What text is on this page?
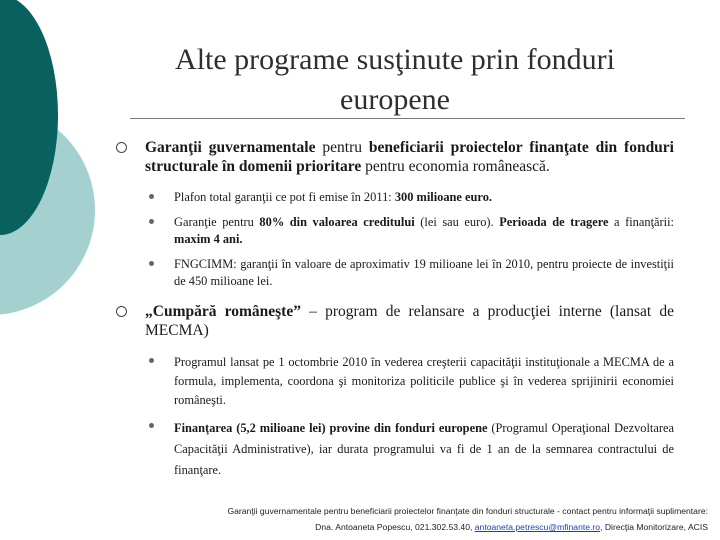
Alte programe susţinute prin fonduri
europene
Garanţii guvernamentale pentru beneficiarii proiectelor finanţate din fonduri structurale în domenii prioritare pentru economia românească.
Plafon total garanţii ce pot fi emise în 2011: 300 milioane euro.
Garanţie pentru 80% din valoarea creditului (lei sau euro). Perioada de tragere a finanţării: maxim 4 ani.
FNGCIMM: garanţii în valoare de aproximativ 19 milioane lei în 2010, pentru proiecte de investiţii de 450 milioane lei.
„Cumpără româneşte” – program de relansare a producţiei interne (lansat de MECMA)
Programul lansat pe 1 octombrie 2010 în vederea creşterii capacităţii instituţionale a MECMA de a formula, implementa, coordona şi monitoriza politicile publice şi în vederea sprijinirii economiei româneşti.
Finanţarea (5,2 milioane lei) provine din fonduri europene (Programul Operaţional Dezvoltarea Capacităţii Administrative), iar durata programului va fi de 1 an de la semnarea contractului de finanţare.
Garanţii guvernamentale pentru beneficiarii proiectelor finanţate din fonduri structurale - contact pentru informaţii suplimentare:
Dna. Antoaneta Popescu, 021.302.53.40, antoaneta.petrescu@mfinante.ro, Direcţia Monitorizare, ACIS
